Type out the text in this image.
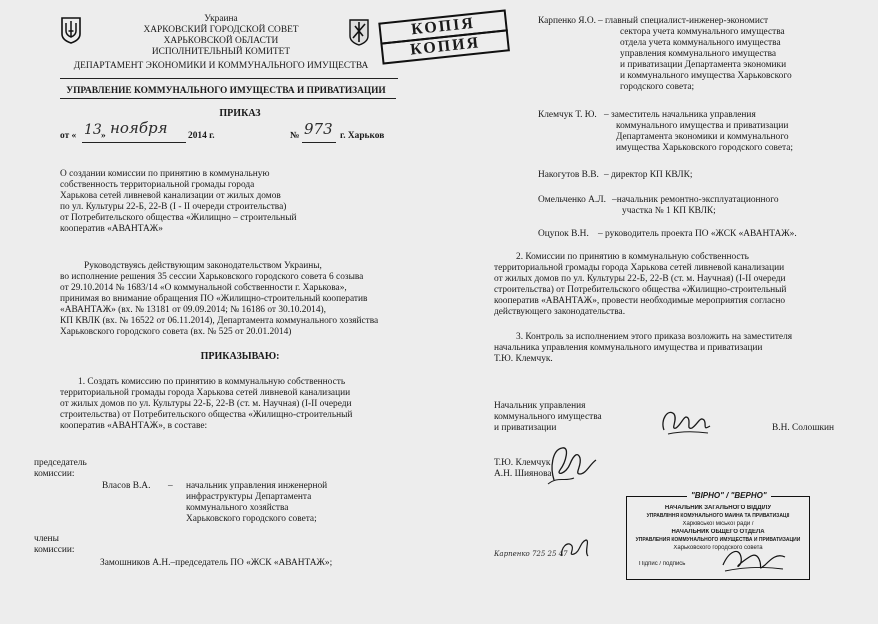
Украина
ХАРКОВСКИЙ ГОРОДСКОЙ СОВЕТ
ХАРЬКОВСКОЙ ОБЛАСТИ
ИСПОЛНИТЕЛЬНЫЙ КОМИТЕТ
ДЕПАРТАМЕНТ ЭКОНОМИКИ И КОММУНАЛЬНОГО ИМУЩЕСТВА
УПРАВЛЕНИЕ КОММУНАЛЬНОГО ИМУЩЕСТВА И ПРИВАТИЗАЦИИ
КОПІЯ
КОПИЯ
ПРИКАЗ
от « 13 » ноября 2014 г.	№ 973 г. Харьков
О создании комиссии по принятию в коммунальную
собственность территориальной громады города
Харькова сетей ливневой канализации от жилых домов
по ул. Культуры 22-Б, 22-В (I - II очереди строительства)
от Потребительского общества «Жилищно – строительный
кооператив «АВАНТАЖ»
Руководствуясь действующим законодательством Украины,
во исполнение решения 35 сессии Харьковского городского совета 6 созыва
от 29.10.2014 № 1683/14 «О коммунальной собственности г. Харькова»,
принимая во внимание обращения ПО «Жилищно-строительный кооператив
«АВАНТАЖ» (вх. № 13181 от 09.09.2014; № 16186 от 30.10.2014),
КП КВЛК (вх. № 16522 от 06.11.2014), Департамента коммунального хозяйства
Харьковского городского совета (вх. № 525 от 20.01.2014)
ПРИКАЗЫВАЮ:
1. Создать комиссию по принятию в коммунальную собственность
территориальной громады города Харькова сетей ливневой канализации
от жилых домов по ул. Культуры 22-Б, 22-В (ст. м. Научная) (I-II очереди
строительства) от Потребительского общества «Жилищно-строительный
кооператив «АВАНТАЖ», в составе:
председатель
комиссии:
Власов В.А. – начальник управления инженерной
инфраструктуры Департамента
коммунального хозяйства
Харьковского городского совета;
члены
комиссии:
Замошников А.Н.–председатель ПО «ЖСК «АВАНТАЖ»;
Карпенко Я.О. – главный специалист-инженер-экономист
сектора учета коммунального имущества
отдела учета коммунального имущества
управления коммунального имущества
и приватизации Департамента экономики
и коммунального имущества Харьковского
городского совета;
Клемчук Т. Ю. – заместитель начальника управления
коммунального имущества и приватизации
Департамента экономики и коммунального
имущества Харьковского городского совета;
Накогутов В.В. – директор КП КВЛК;
Омельченко А.Л. –начальник ремонтно-эксплуатационного
участка № 1 КП КВЛК;
Оцупок В.Н. – руководитель проекта ПО «ЖСК «АВАНТАЖ».
2. Комиссии по принятию в коммунальную собственность
территориальной громады города Харькова сетей ливневой канализации
от жилых домов по ул. Культуры 22-Б, 22-В (ст. м. Научная) (I-II очереди
строительства) от Потребительского общества «Жилищно-строительный
кооператив «АВАНТАЖ», провести необходимые мероприятия согласно
действующего законодательства.
3. Контроль за исполнением этого приказа возложить на заместителя
начальника управления коммунального имущества и приватизации
Т.Ю. Клемчук.
Начальник управления
коммунального имущества
и приватизации	В.Н. Солошкин
Т.Ю. Клемчук
А.Н. Шиянова
Карпенко 725 25 47
"ВІРНО" / "ВЕРНО"
НАЧАЛЬНИК ЗАГАЛЬНОГО ВІДДІЛУ
УПРАВЛІННЯ КОМУНАЛЬНОГО МАЙНА ТА ПРИВАТИЗАЦІЇ
Харківської міської ради /
НАЧАЛЬНИК ОБЩЕГО ОТДЕЛА
УПРАВЛЕНИЯ КОММУНАЛЬНОГО ИМУЩЕСТВА И ПРИВАТИЗАЦИИ
Харьковского городского совета
Підпис / подпись
